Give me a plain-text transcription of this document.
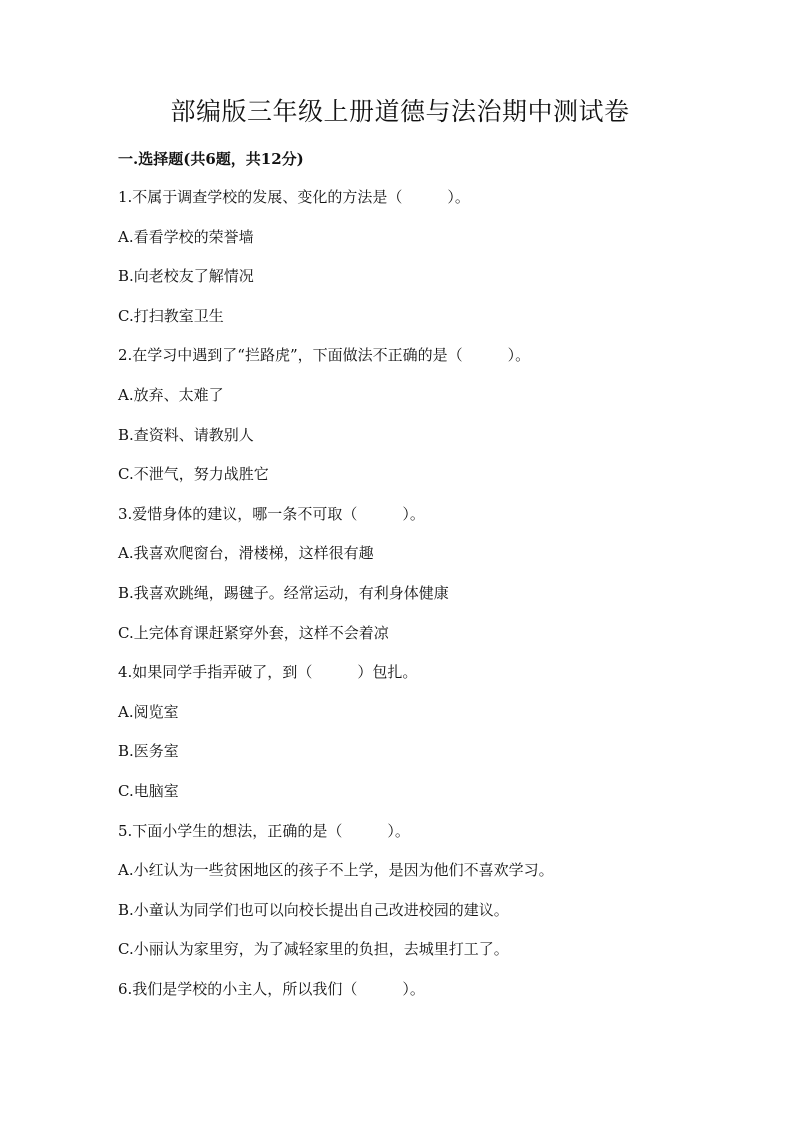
部编版三年级上册道德与法治期中测试卷
一.选择题(共6题，共12分)
1.不属于调查学校的发展、变化的方法是（　　　）。
A.看看学校的荣誉墙
B.向老校友了解情况
C.打扫教室卫生
2.在学习中遇到了“拦路虎”，下面做法不正确的是（　　　）。
A.放弃、太难了
B.查资料、请教别人
C.不泄气，努力战胜它
3.爱惜身体的建议，哪一条不可取（　　　）。
A.我喜欢爬窗台，滑楼梯，这样很有趣
B.我喜欢跳绳，踢毽子。经常运动，有利身体健康
C.上完体育课赶紧穿外套，这样不会着凉
4.如果同学手指弄破了，到（　　　）包扎。
A.阅览室
B.医务室
C.电脑室
5.下面小学生的想法，正确的是（　　　）。
A.小红认为一些贫困地区的孩子不上学，是因为他们不喜欢学习。
B.小童认为同学们也可以向校长提出自己改进校园的建议。
C.小丽认为家里穷，为了减轻家里的负担，去城里打工了。
6.我们是学校的小主人，所以我们（　　　）。
